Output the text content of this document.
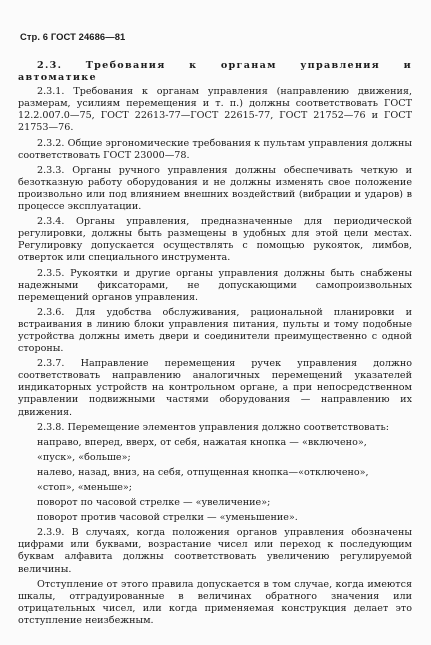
Стр. 6 ГОСТ 24686—81
2.3. Требования к органам управления и
автоматике

2.3.1. Требования к органам управления (направлению движения, размерам, усилиям перемещения и т. п.) должны соответствовать ГОСТ 12.2.007.0—75, ГОСТ 22613-77—ГОСТ 22615-77, ГОСТ 21752—76 и ГОСТ 21753—76.

2.3.2. Общие эргономические требования к пультам управления должны соответствовать ГОСТ 23000—78.

2.3.3. Органы ручного управления должны обеспечивать четкую и безотказную работу оборудования и не должны изменять свое положение произвольно или под влиянием внешних воздействий (вибрации и ударов) в процессе эксплуатации.

2.3.4. Органы управления, предназначенные для периодической регулировки, должны быть размещены в удобных для этой цели местах. Регулировку допускается осуществлять с помощью рукояток, лимбов, отверток или специального инструмента.

2.3.5. Рукоятки и другие органы управления должны быть снабжены надежными фиксаторами, не допускающими самопроизвольных перемещений органов управления.

2.3.6. Для удобства обслуживания, рациональной планировки и встраивания в линию блоки управления питания, пульты и тому подобные устройства должны иметь двери и соединители преимущественно с одной стороны.

2.3.7. Направление перемещения ручек управления должно соответствовать направлению аналогичных перемещений указателей индикаторных устройств на контрольном органе, а при непосредственном управлении подвижными частями оборудования — направлению их движения.

2.3.8. Перемещение элементов управления должно соответствовать:

направо, вперед, вверх, от себя, нажатая кнопка — «включено»,

«пуск», «больше»;

налево, назад, вниз, на себя, отпущенная кнопка—«отключено»,

«стоп», «меньше»;

поворот по часовой стрелке — «увеличение»;

поворот против часовой стрелки — «уменьшение».

2.3.9. В случаях, когда положения органов управления обозначены цифрами или буквами, возрастание чисел или переход к последующим буквам алфавита должны соответствовать увеличению регулируемой величины.

Отступление от этого правила допускается в том случае, когда имеются шкалы, отградуированные в величинах обратного значения или отрицательных чисел, или когда применяемая конструкция делает это отступление неизбежным.
